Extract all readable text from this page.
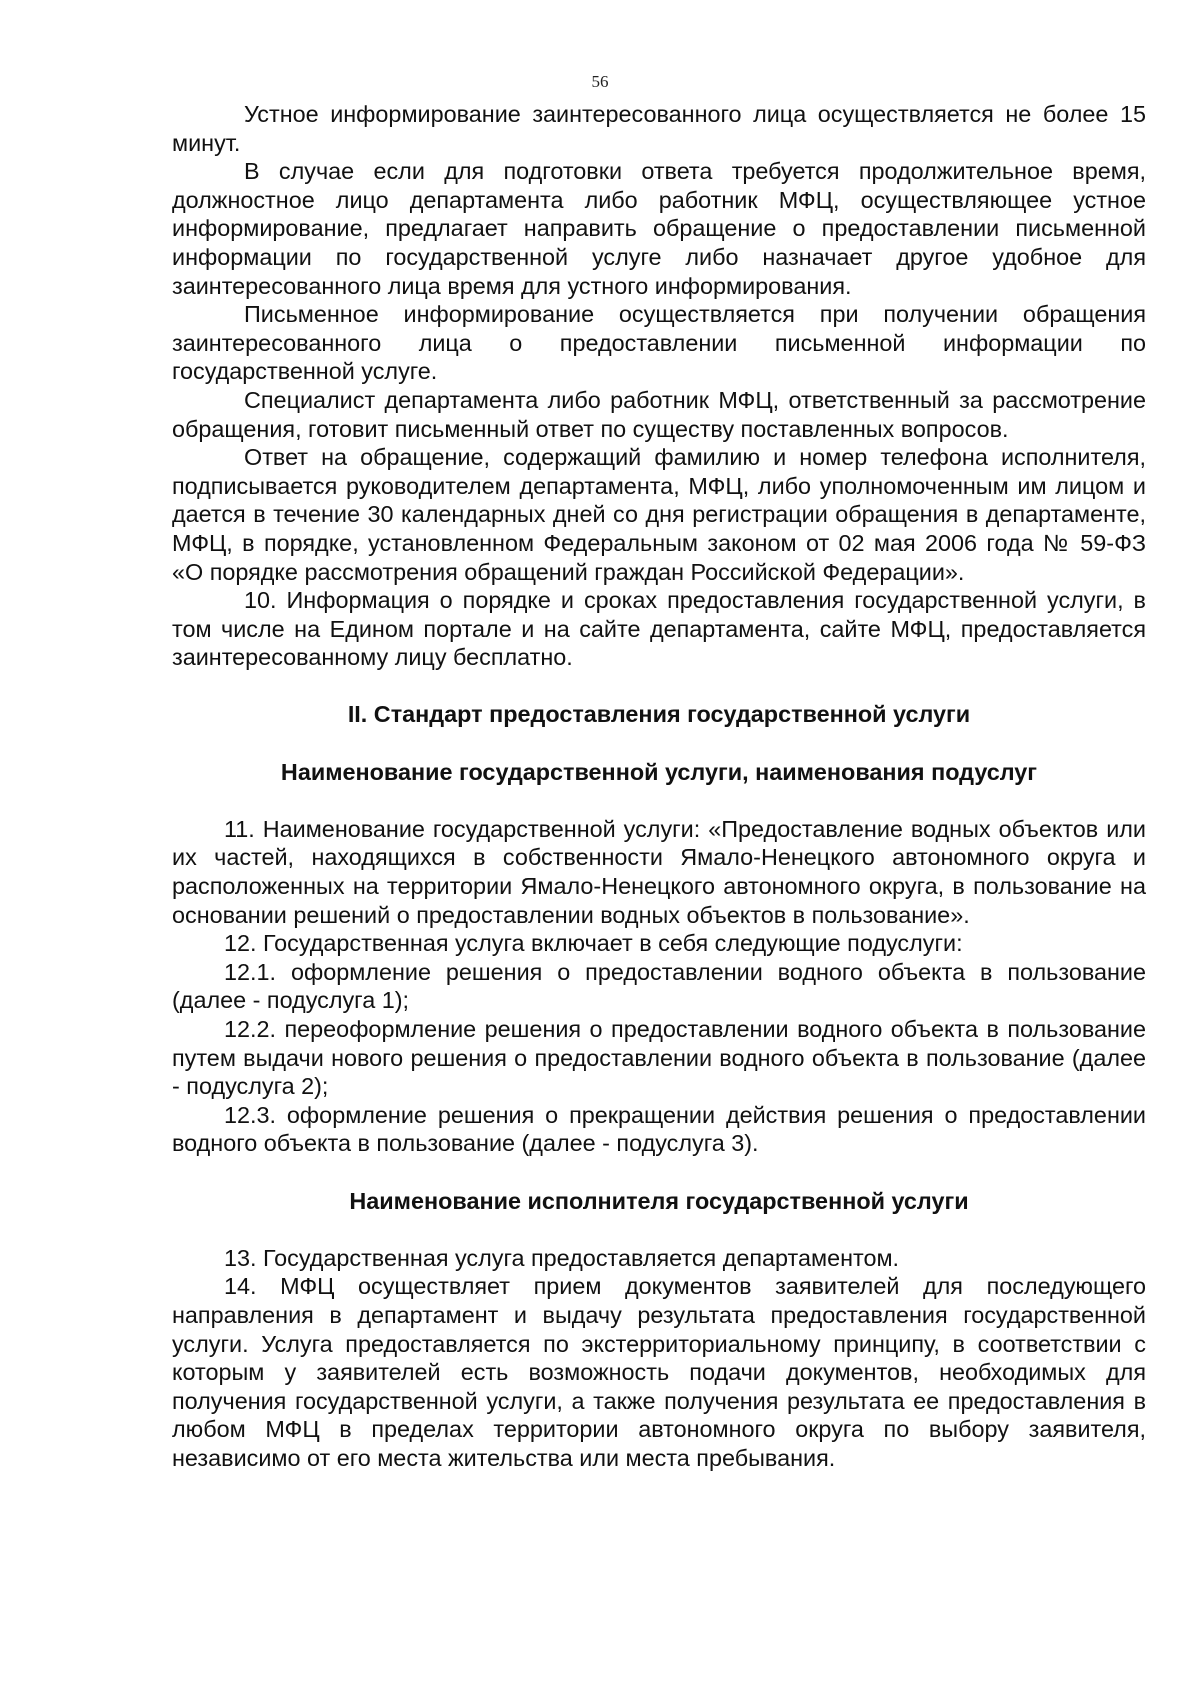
56

Устное информирование заинтересованного лица осуществляется не более 15 минут.

В случае если для подготовки ответа требуется продолжительное время, должностное лицо департамента либо работник МФЦ, осуществляющее устное информирование, предлагает направить обращение о предоставлении письменной информации по государственной услуге либо назначает другое удобное для заинтересованного лица время для устного информирования.

Письменное информирование осуществляется при получении обращения заинтересованного лица о предоставлении письменной информации по государственной услуге.

Специалист департамента либо работник МФЦ, ответственный за рассмотрение обращения, готовит письменный ответ по существу поставленных вопросов.

Ответ на обращение, содержащий фамилию и номер телефона исполнителя, подписывается руководителем департамента, МФЦ, либо уполномоченным им лицом и дается в течение 30 календарных дней со дня регистрации обращения в департаменте, МФЦ, в порядке, установленном Федеральным законом от 02 мая 2006 года № 59-ФЗ «О порядке рассмотрения обращений граждан Российской Федерации».

10. Информация о порядке и сроках предоставления государственной услуги, в том числе на Едином портале и на сайте департамента, сайте МФЦ, предоставляется заинтересованному лицу бесплатно.

II. Стандарт предоставления государственной услуги
Наименование государственной услуги, наименования подуслуг

11. Наименование государственной услуги: «Предоставление водных объектов или их частей, находящихся в собственности Ямало-Ненецкого автономного округа и расположенных на территории Ямало-Ненецкого автономного округа, в пользование на основании решений о предоставлении водных объектов в пользование».

12. Государственная услуга включает в себя следующие подуслуги:

12.1. оформление решения о предоставлении водного объекта в пользование (далее - подуслуга 1);

12.2. переоформление решения о предоставлении водного объекта в пользование путем выдачи нового решения о предоставлении водного объекта в пользование (далее - подуслуга 2);

12.3. оформление решения о прекращении действия решения о предоставлении водного объекта в пользование (далее - подуслуга 3).

Наименование исполнителя государственной услуги

13. Государственная услуга предоставляется департаментом.

14. МФЦ осуществляет прием документов заявителей для последующего направления в департамент и выдачу результата предоставления государственной услуги. Услуга предоставляется по экстерриториальному принципу, в соответствии с которым у заявителей есть возможность подачи документов, необходимых для получения государственной услуги, а также получения результата ее предоставления в любом МФЦ в пределах территории автономного округа по выбору заявителя, независимо от его места жительства или места пребывания.
